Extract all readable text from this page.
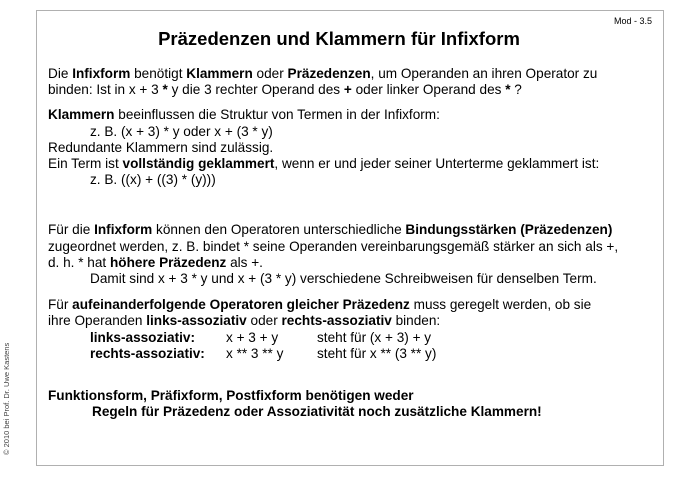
Mod - 3.5
Präzedenzen und Klammern für Infixform
© 2010 bei Prof. Dr. Uwe Kastens

Die Infixform benötigt Klammern oder Präzedenzen, um Operanden an ihren Operator zu

binden: Ist in x + 3 * y die 3 rechter Operand des + oder linker Operand des * ?

Klammern beeinflussen die Struktur von Termen in der Infixform:

z. B. (x + 3) * y oder x + (3 * y)

Redundante Klammern sind zulässig.

Ein Term ist vollständig geklammert, wenn er und jeder seiner Unterterme geklammert ist:

z. B. ((x) + ((3) * (y)))

Für die Infixform können den Operatoren unterschiedliche Bindungsstärken (Präzedenzen)

zugeordnet werden, z. B. bindet * seine Operanden vereinbarungsgemäß stärker an sich als +,

d. h. * hat höhere Präzedenz als +.

Damit sind x + 3 * y und x + (3 * y) verschiedene Schreibweisen für denselben Term.

Für aufeinanderfolgende Operatoren gleicher Präzedenz muss geregelt werden, ob sie

ihre Operanden links-assoziativ oder rechts-assoziativ binden:

links-assoziativ: x + 3 + y	steht für (x + 3) + y

rechts-assoziativ: x ** 3 ** y steht für x ** (3 ** y)

Funktionsform, Präfixform, Postfixform benötigen weder

Regeln für Präzedenz oder Assoziativität noch zusätzliche Klammern!
